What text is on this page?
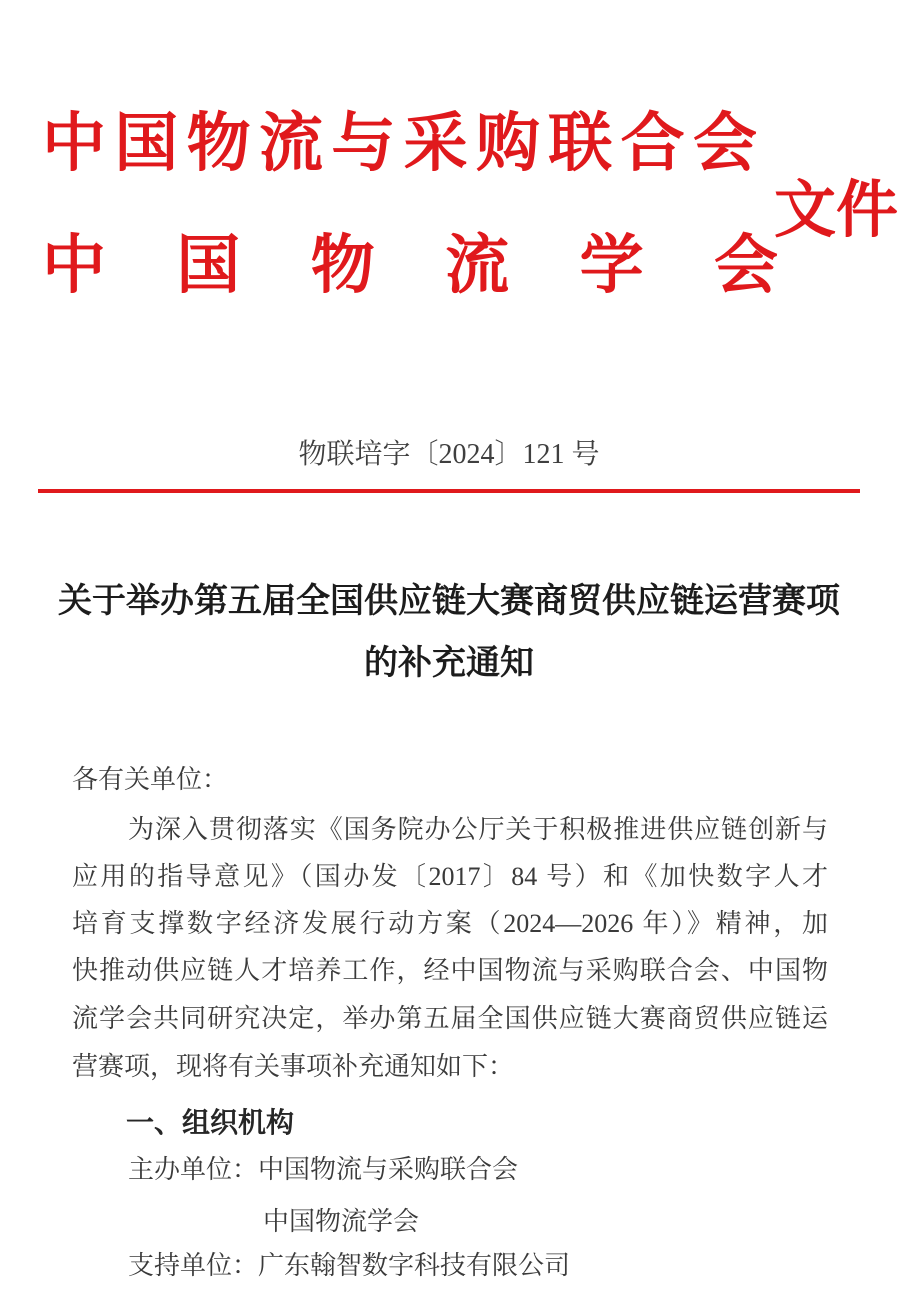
中 国 物 流 与 采 购 联 合 会
文件
中 国 物 流 学 会
物联培字〔2024〕121 号
关于举办第五届全国供应链大赛商贸供应链运营赛项
的补充通知
各有关单位：
为深入贯彻落实《国务院办公厅关于积极推进供应链创新与
应用的指导意见》（国办发〔2017〕84 号）和《加快数字人才
培育支撑数字经济发展行动方案（2024—2026 年）》精神，加
快推动供应链人才培养工作，经中国物流与采购联合会、中国物
流学会共同研究决定，举办第五届全国供应链大赛商贸供应链运
营赛项，现将有关事项补充通知如下：
一、组织机构
主办单位：中国物流与采购联合会
中国物流学会
支持单位：广东翰智数字科技有限公司
